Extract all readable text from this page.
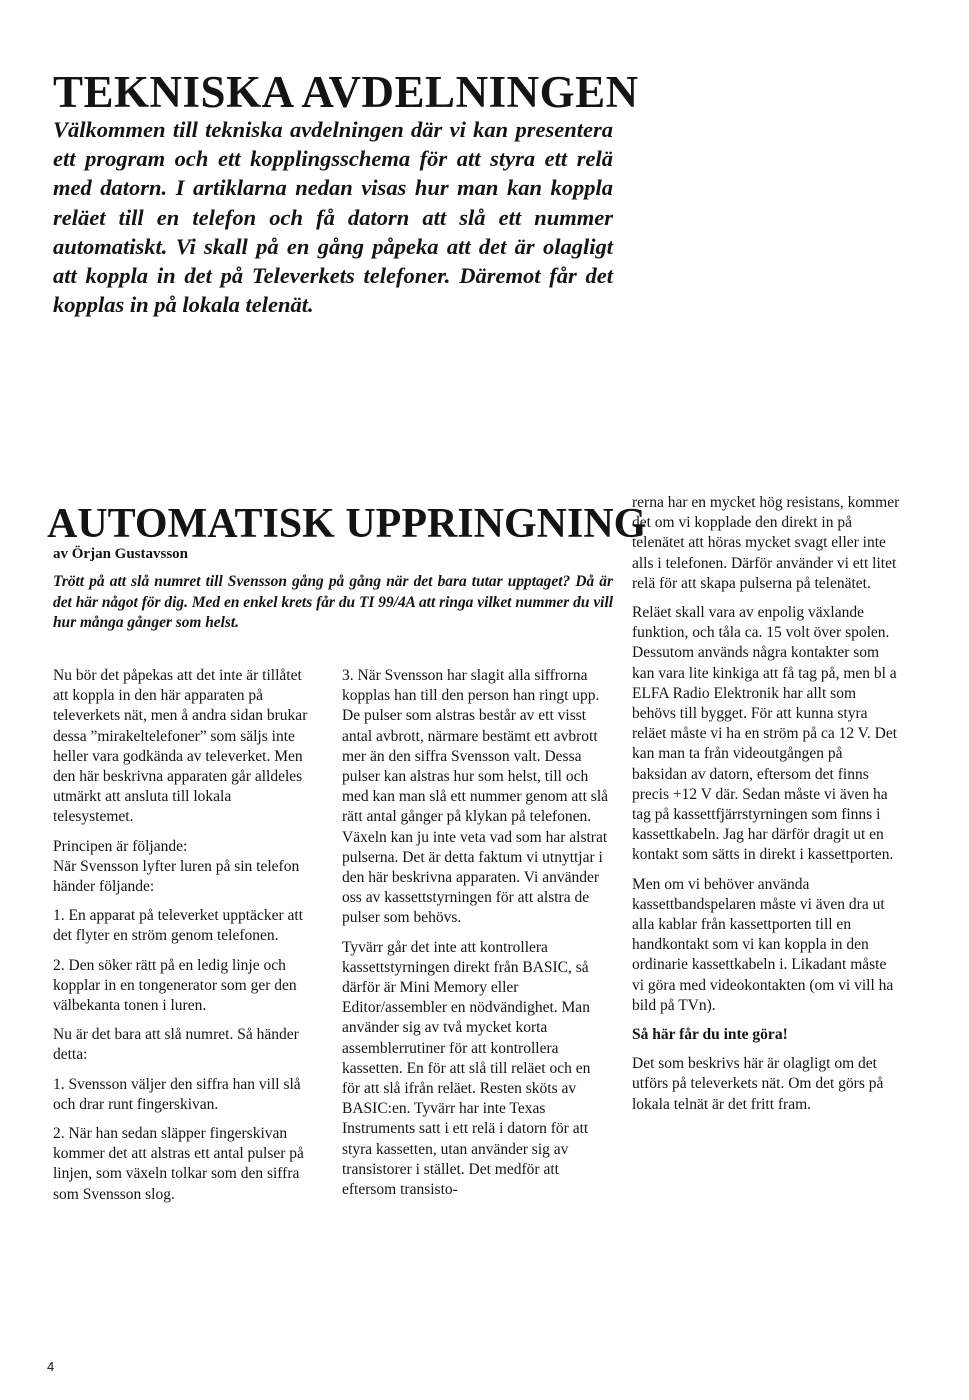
TEKNISKA AVDELNINGEN

Välkommen till tekniska avdelningen där vi kan presentera ett program och ett kopplingsschema för att styra ett relä med datorn. I artiklarna nedan visas hur man kan koppla reläet till en telefon och få datorn att slå ett nummer automatiskt. Vi skall på en gång påpeka att det är olagligt att koppla in det på Televerkets telefoner. Däremot får det kopplas in på lokala telenät.

AUTOMATISK UPPRINGNING
av Örjan Gustavsson

Trött på att slå numret till Svensson gång på gång när det bara tutar upptaget? Då är det här något för dig. Med en enkel krets får du TI 99/4A att ringa vilket nummer du vill hur många gånger som helst.

Nu bör det påpekas att det inte är tillåtet att koppla in den här apparaten på televerkets nät, men å andra sidan brukar dessa ”mirakeltelefoner” som säljs inte heller vara godkända av televerket. Men den här beskrivna apparaten går alldeles utmärkt att ansluta till lokala telesystemet.

Principen är följande:

När Svensson lyfter luren på sin telefon händer följande:

1. En apparat på televerket upptäcker att det flyter en ström genom telefonen.

2. Den söker rätt på en ledig linje och kopplar in en tongenerator som ger den välbekanta tonen i luren.

Nu är det bara att slå numret. Så händer detta:

1. Svensson väljer den siffra han vill slå och drar runt fingerskivan.

2. När han sedan släpper fingerskivan kommer det att alstras ett antal pulser på linjen, som växeln tolkar som den siffra som Svensson slog.

3. När Svensson har slagit alla siffrorna kopplas han till den person han ringt upp. De pulser som alstras består av ett visst antal avbrott, närmare bestämt ett avbrott mer än den siffra Svensson valt. Dessa pulser kan alstras hur som helst, till och med kan man slå ett nummer genom att slå rätt antal gånger på klykan på telefonen. Växeln kan ju inte veta vad som har alstrat pulserna. Det är detta faktum vi utnyttjar i den här beskrivna apparaten. Vi använder oss av kassettstyrningen för att alstra de pulser som behövs.

Tyvärr går det inte att kontrollera kassettstyrningen direkt från BASIC, så därför är Mini Memory eller Editor/assembler en nödvändighet. Man använder sig av två mycket korta assemblerrutiner för att kontrollera kassetten. En för att slå till reläet och en för att slå ifrån reläet. Resten sköts av BASIC:en. Tyvärr har inte Texas Instruments satt i ett relä i datorn för att styra kassetten, utan använder sig av transistorer i stället. Det medför att eftersom transisto-

rerna har en mycket hög resistans, kommer det om vi kopplade den direkt in på telenätet att höras mycket svagt eller inte alls i telefonen. Därför använder vi ett litet relä för att skapa pulserna på telenätet.

Reläet skall vara av enpolig växlande funktion, och tåla ca. 15 volt över spolen. Dessutom används några kontakter som kan vara lite kinkiga att få tag på, men bl a ELFA Radio Elektronik har allt som behövs till bygget. För att kunna styra reläet måste vi ha en ström på ca 12 V. Det kan man ta från videoutgången på baksidan av datorn, eftersom det finns precis +12 V där. Sedan måste vi även ha tag på kassettfjärrstyrningen som finns i kassettkabeln. Jag har därför dragit ut en kontakt som sätts in direkt i kassettporten.

Men om vi behöver använda kassettbandspelaren måste vi även dra ut alla kablar från kassettporten till en handkontakt som vi kan koppla in den ordinarie kassettkabeln i. Likadant måste vi göra med videokontakten (om vi vill ha bild på TVn).

Så här får du inte göra!

Det som beskrivs här är olagligt om det utförs på televerkets nät. Om det görs på lokala telnät är det fritt fram.

4
